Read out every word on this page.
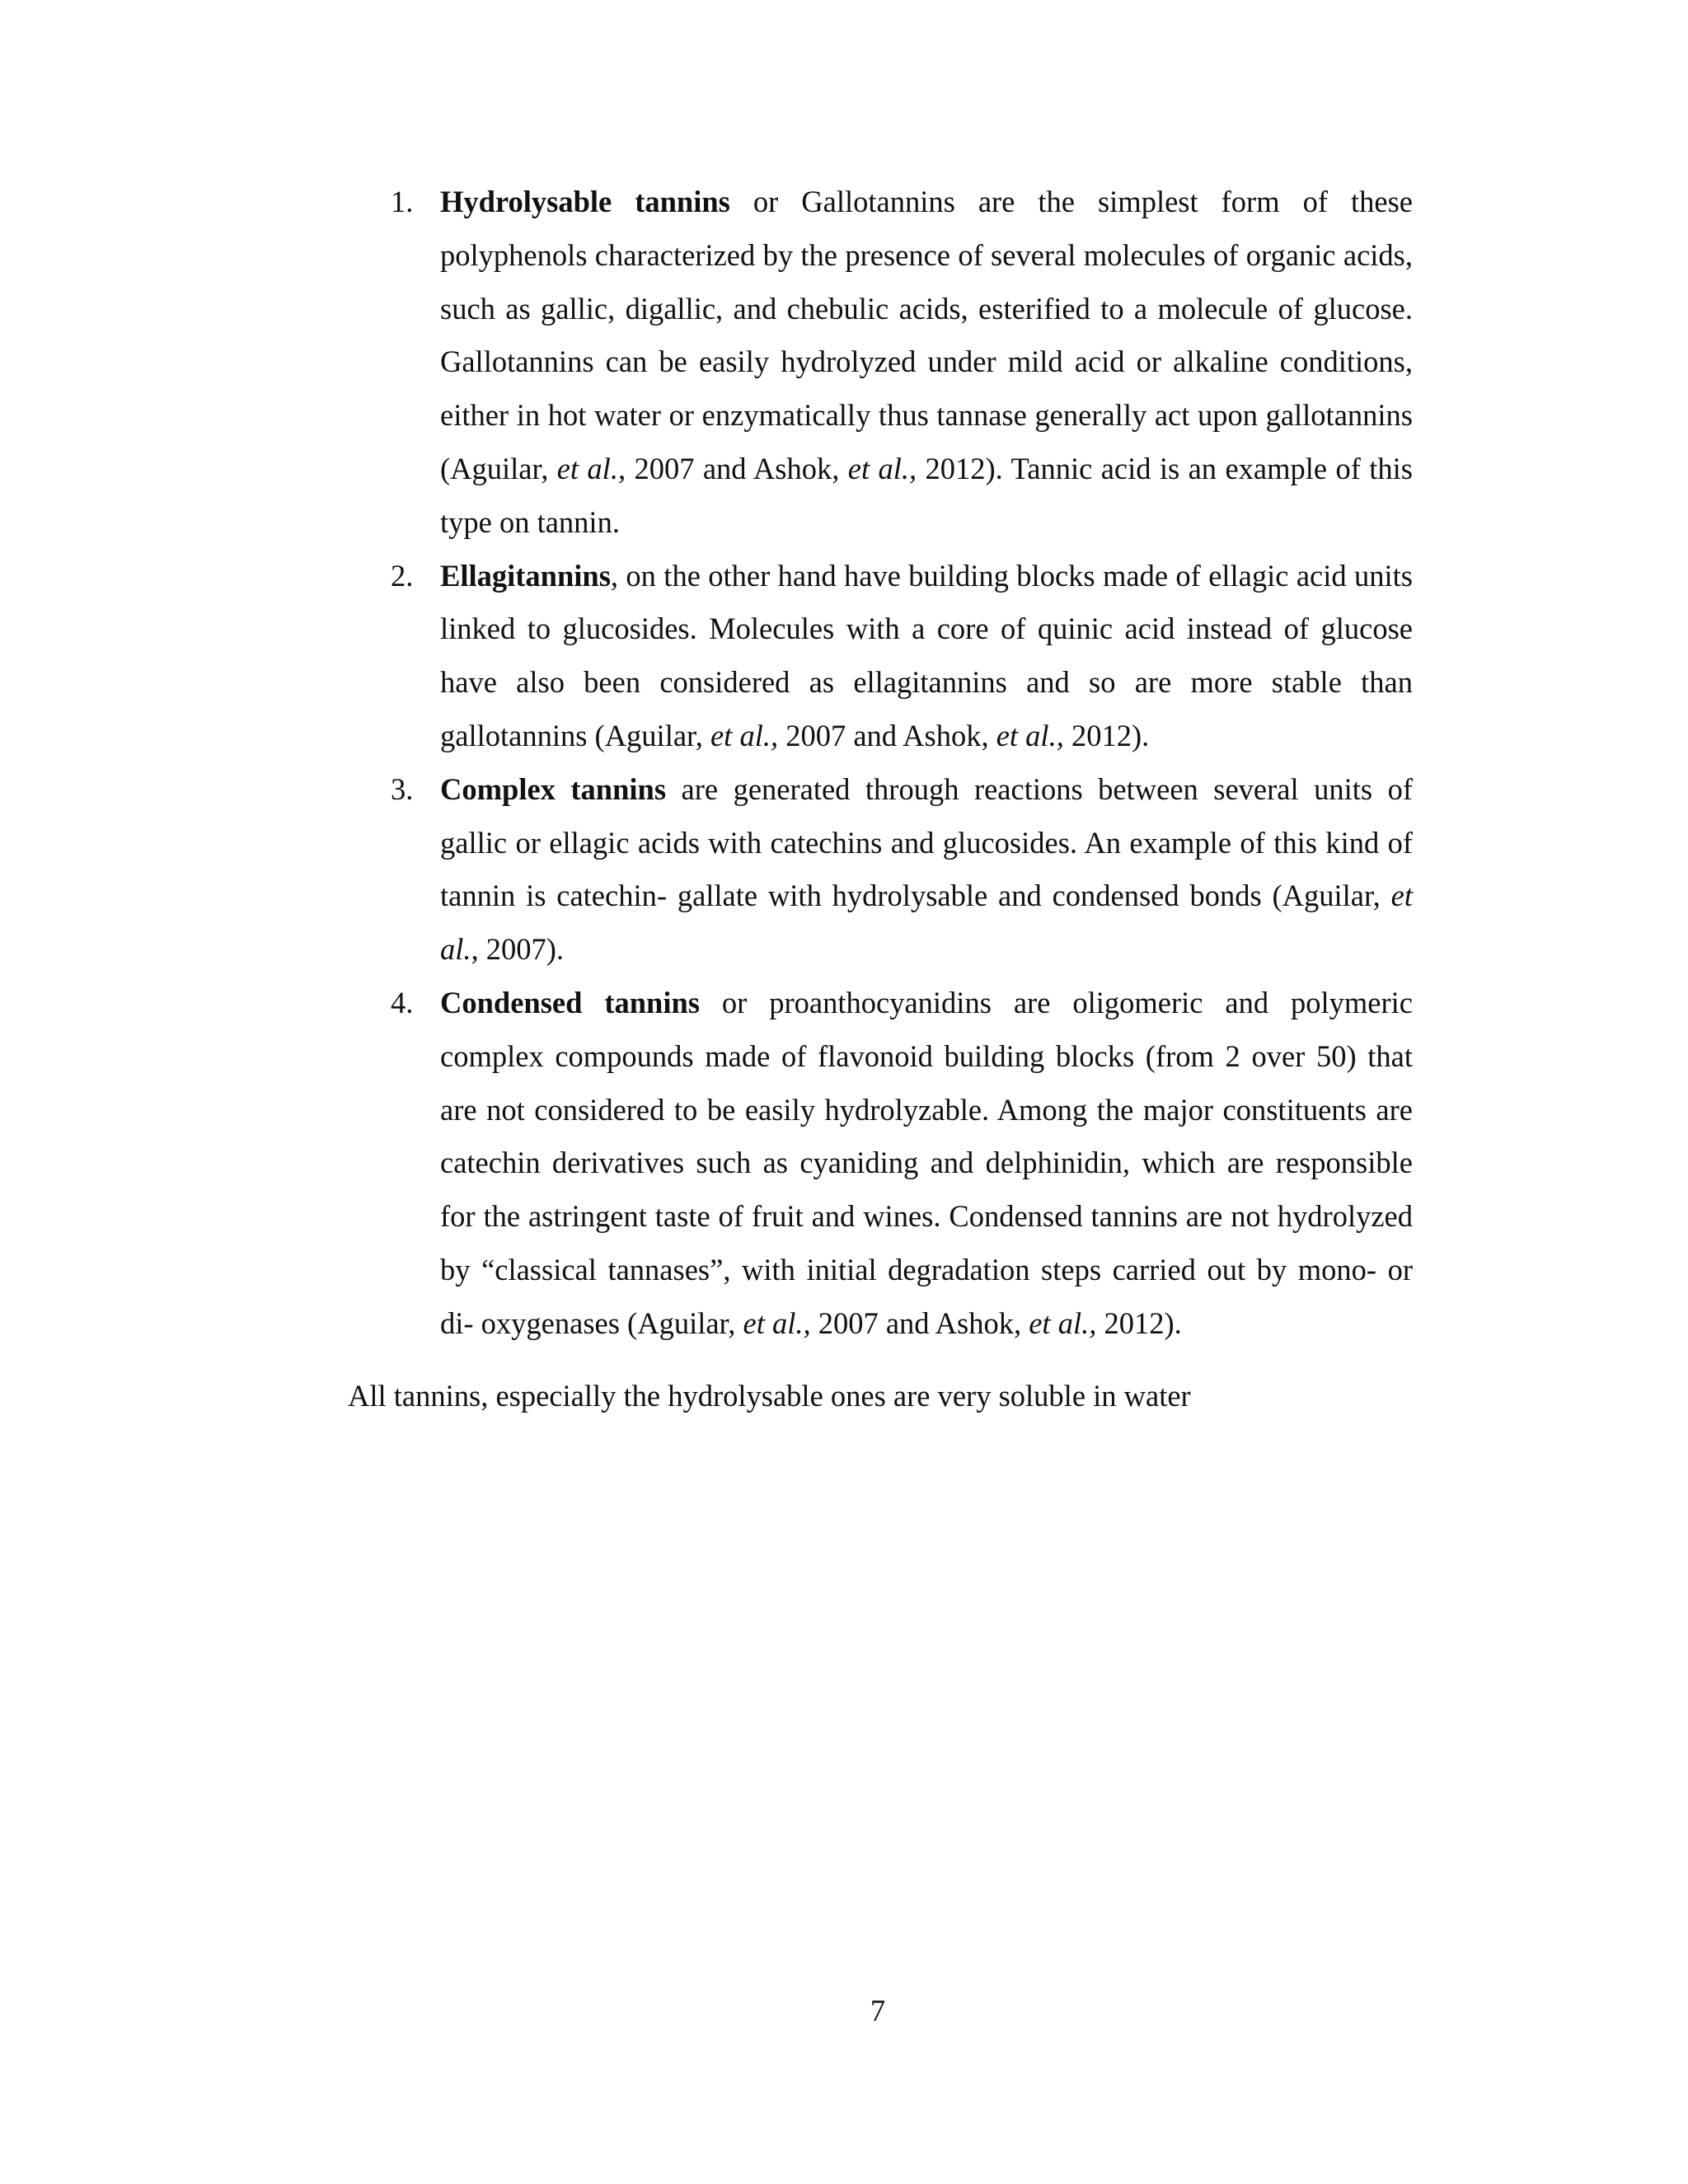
1. Hydrolysable tannins or Gallotannins are the simplest form of these polyphenols characterized by the presence of several molecules of organic acids, such as gallic, digallic, and chebulic acids, esterified to a molecule of glucose. Gallotannins can be easily hydrolyzed under mild acid or alkaline conditions, either in hot water or enzymatically thus tannase generally act upon gallotannins (Aguilar, et al., 2007 and Ashok, et al., 2012). Tannic acid is an example of this type on tannin.
2. Ellagitannins, on the other hand have building blocks made of ellagic acid units linked to glucosides. Molecules with a core of quinic acid instead of glucose have also been considered as ellagitannins and so are more stable than gallotannins (Aguilar, et al., 2007 and Ashok, et al., 2012).
3. Complex tannins are generated through reactions between several units of gallic or ellagic acids with catechins and glucosides. An example of this kind of tannin is catechin- gallate with hydrolysable and condensed bonds (Aguilar, et al., 2007).
4. Condensed tannins or proanthocyanidins are oligomeric and polymeric complex compounds made of flavonoid building blocks (from 2 over 50) that are not considered to be easily hydrolyzable. Among the major constituents are catechin derivatives such as cyaniding and delphinidin, which are responsible for the astringent taste of fruit and wines. Condensed tannins are not hydrolyzed by “classical tannases”, with initial degradation steps carried out by mono- or di- oxygenases (Aguilar, et al., 2007 and Ashok, et al., 2012).

All tannins, especially the hydrolysable ones are very soluble in water

7
